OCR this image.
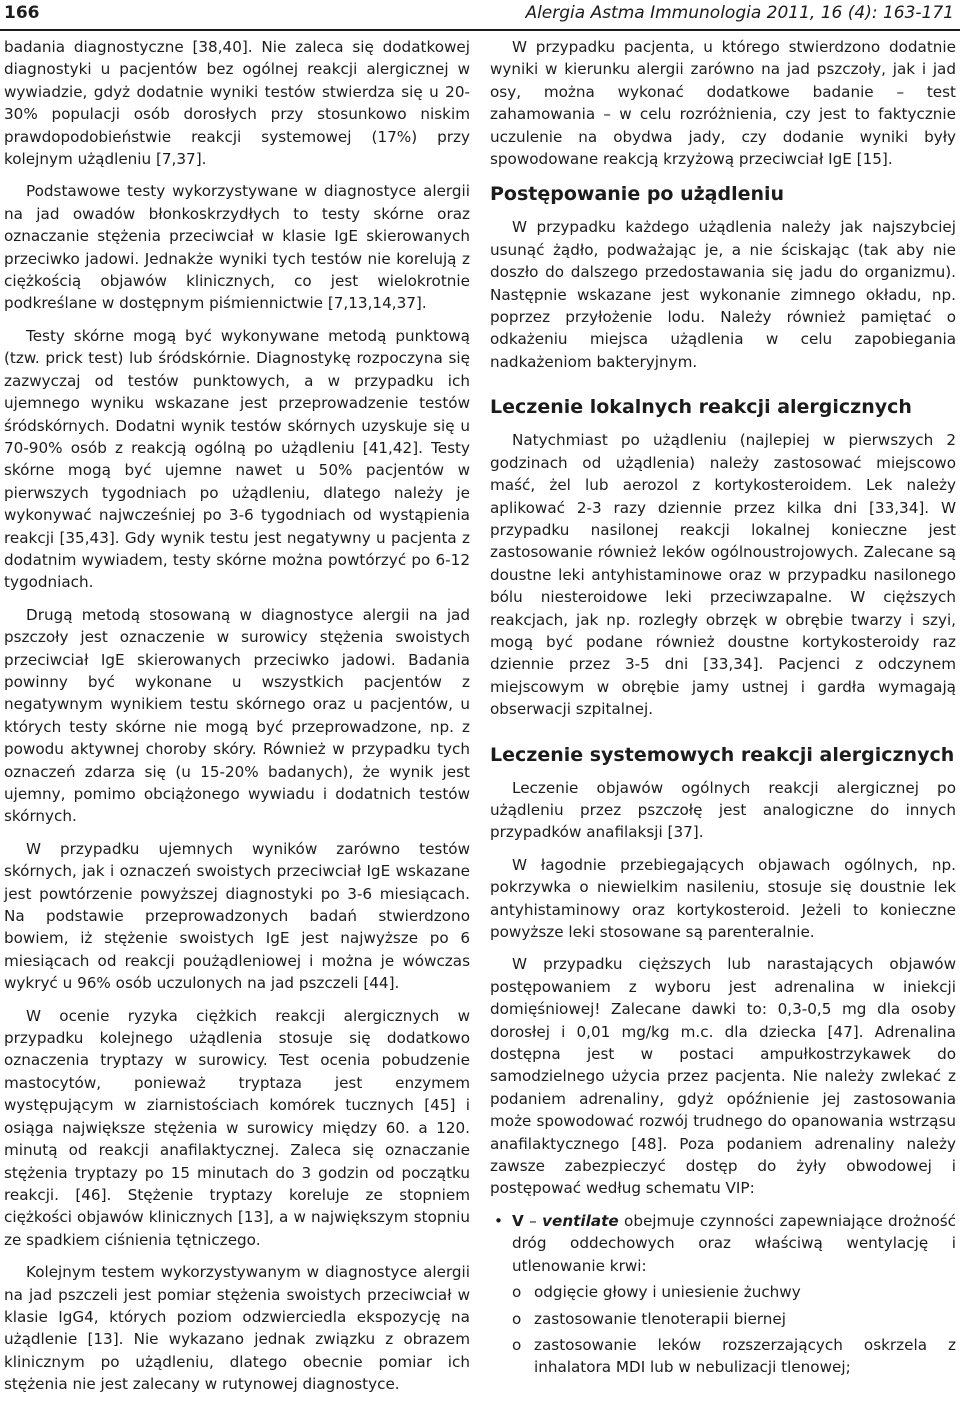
166	Alergia Astma Immunologia 2011, 16 (4): 163-171

badania diagnostyczne [38,40]. Nie zaleca się dodatkowej diagnostyki u pacjentów bez ogólnej reakcji alergicznej w wywiadzie, gdyż dodatnie wyniki testów stwierdza się u 20-30% populacji osób dorosłych przy stosunkowo niskim prawdopodobieństwie reakcji systemowej (17%) przy kolejnym użądleniu [7,37].

Podstawowe testy wykorzystywane w diagnostyce alergii na jad owadów błonkoskrzydłych to testy skórne oraz oznaczanie stężenia przeciwciał w klasie IgE skierowanych przeciwko jadowi. Jednakże wyniki tych testów nie korelują z ciężkością objawów klinicznych, co jest wielokrotnie podkreślane w dostępnym piśmiennictwie [7,13,14,37].

Testy skórne mogą być wykonywane metodą punktową (tzw. prick test) lub śródskórnie. Diagnostykę rozpoczyna się zazwyczaj od testów punktowych, a w przypadku ich ujemnego wyniku wskazane jest przeprowadzenie testów śródskórnych. Dodatni wynik testów skórnych uzyskuje się u 70-90% osób z reakcją ogólną po użądleniu [41,42]. Testy skórne mogą być ujemne nawet u 50% pacjentów w pierwszych tygodniach po użądleniu, dlatego należy je wykonywać najwcześniej po 3-6 tygodniach od wystąpienia reakcji [35,43]. Gdy wynik testu jest negatywny u pacjenta z dodatnim wywiadem, testy skórne można powtórzyć po 6-12 tygodniach.

Drugą metodą stosowaną w diagnostyce alergii na jad pszczoły jest oznaczenie w surowicy stężenia swoistych przeciwciał IgE skierowanych przeciwko jadowi. Badania powinny być wykonane u wszystkich pacjentów z negatywnym wynikiem testu skórnego oraz u pacjentów, u których testy skórne nie mogą być przeprowadzone, np. z powodu aktywnej choroby skóry. Również w przypadku tych oznaczeń zdarza się (u 15-20% badanych), że wynik jest ujemny, pomimo obciążonego wywiadu i dodatnich testów skórnych.

W przypadku ujemnych wyników zarówno testów skórnych, jak i oznaczeń swoistych przeciwciał IgE wskazane jest powtórzenie powyższej diagnostyki po 3-6 miesiącach. Na podstawie przeprowadzonych badań stwierdzono bowiem, iż stężenie swoistych IgE jest najwyższe po 6 miesiącach od reakcji poużądleniowej i można je wówczas wykryć u 96% osób uczulonych na jad pszczeli [44].

W ocenie ryzyka ciężkich reakcji alergicznych w przypadku kolejnego użądlenia stosuje się dodatkowo oznaczenia tryptazy w surowicy. Test ocenia pobudzenie mastocytów, ponieważ tryptaza jest enzymem występującym w ziarnistościach komórek tucznych [45] i osiąga największe stężenia w surowicy między 60. a 120. minutą od reakcji anafilaktycznej. Zaleca się oznaczanie stężenia tryptazy po 15 minutach do 3 godzin od początku reakcji. [46]. Stężenie tryptazy koreluje ze stopniem ciężkości objawów klinicznych [13], a w największym stopniu ze spadkiem ciśnienia tętniczego.

Kolejnym testem wykorzystywanym w diagnostyce alergii na jad pszczeli jest pomiar stężenia swoistych przeciwciał w klasie IgG4, których poziom odzwierciedla ekspozycję na użądlenie [13]. Nie wykazano jednak związku z obrazem klinicznym po użądleniu, dlatego obecnie pomiar ich stężenia nie jest zalecany w rutynowej diagnostyce.

W przypadku pacjenta, u którego stwierdzono dodatnie wyniki w kierunku alergii zarówno na jad pszczoły, jak i jad osy, można wykonać dodatkowe badanie – test zahamowania – w celu rozróżnienia, czy jest to faktycznie uczulenie na obydwa jady, czy dodanie wyniki były spowodowane reakcją krzyżową przeciwciał IgE [15].

Postępowanie po użądleniu

W przypadku każdego użądlenia należy jak najszybciej usunąć żądło, podważając je, a nie ściskając (tak aby nie doszło do dalszego przedostawania się jadu do organizmu). Następnie wskazane jest wykonanie zimnego okładu, np. poprzez przyłożenie lodu. Należy również pamiętać o odkażeniu miejsca użądlenia w celu zapobiegania nadkażeniom bakteryjnym.

Leczenie lokalnych reakcji alergicznych

Natychmiast po użądleniu (najlepiej w pierwszych 2 godzinach od użądlenia) należy zastosować miejscowo maść, żel lub aerozol z kortykosteroidem. Lek należy aplikować 2-3 razy dziennie przez kilka dni [33,34]. W przypadku nasilonej reakcji lokalnej konieczne jest zastosowanie również leków ogólnoustrojowych. Zalecane są doustne leki antyhistaminowe oraz w przypadku nasilonego bólu niesteroidowe leki przeciwzapalne. W cięższych reakcjach, jak np. rozległy obrzęk w obrębie twarzy i szyi, mogą być podane również doustne kortykosteroidy raz dziennie przez 3-5 dni [33,34]. Pacjenci z odczynem miejscowym w obrębie jamy ustnej i gardła wymagają obserwacji szpitalnej.

Leczenie systemowych reakcji alergicznych

Leczenie objawów ogólnych reakcji alergicznej po użądleniu przez pszczołę jest analogiczne do innych przypadków anafilaksji [37].

W łagodnie przebiegających objawach ogólnych, np. pokrzywka o niewielkim nasileniu, stosuje się doustnie lek antyhistaminowy oraz kortykosteroid. Jeżeli to konieczne powyższe leki stosowane są parenteralnie.

W przypadku cięższych lub narastających objawów postępowaniem z wyboru jest adrenalina w iniekcji domięśniowej! Zalecane dawki to: 0,3-0,5 mg dla osoby dorosłej i 0,01 mg/kg m.c. dla dziecka [47]. Adrenalina dostępna jest w postaci ampułkostrzykawek do samodzielnego użycia przez pacjenta. Nie należy zwlekać z podaniem adrenaliny, gdyż opóźnienie jej zastosowania może spowodować rozwój trudnego do opanowania wstrząsu anafilaktycznego [48]. Poza podaniem adrenaliny należy zawsze zabezpieczyć dostęp do żyły obwodowej i postępować według schematu VIP:

• V – ventilate obejmuje czynności zapewniające drożność dróg oddechowych oraz właściwą wentylację i utlenowanie krwi:
o odgięcie głowy i uniesienie żuchwy
o zastosowanie tlenoterapii biernej
o zastosowanie leków rozszerzających oskrzela z inhalatora MDI lub w nebulizacji tlenowej;
